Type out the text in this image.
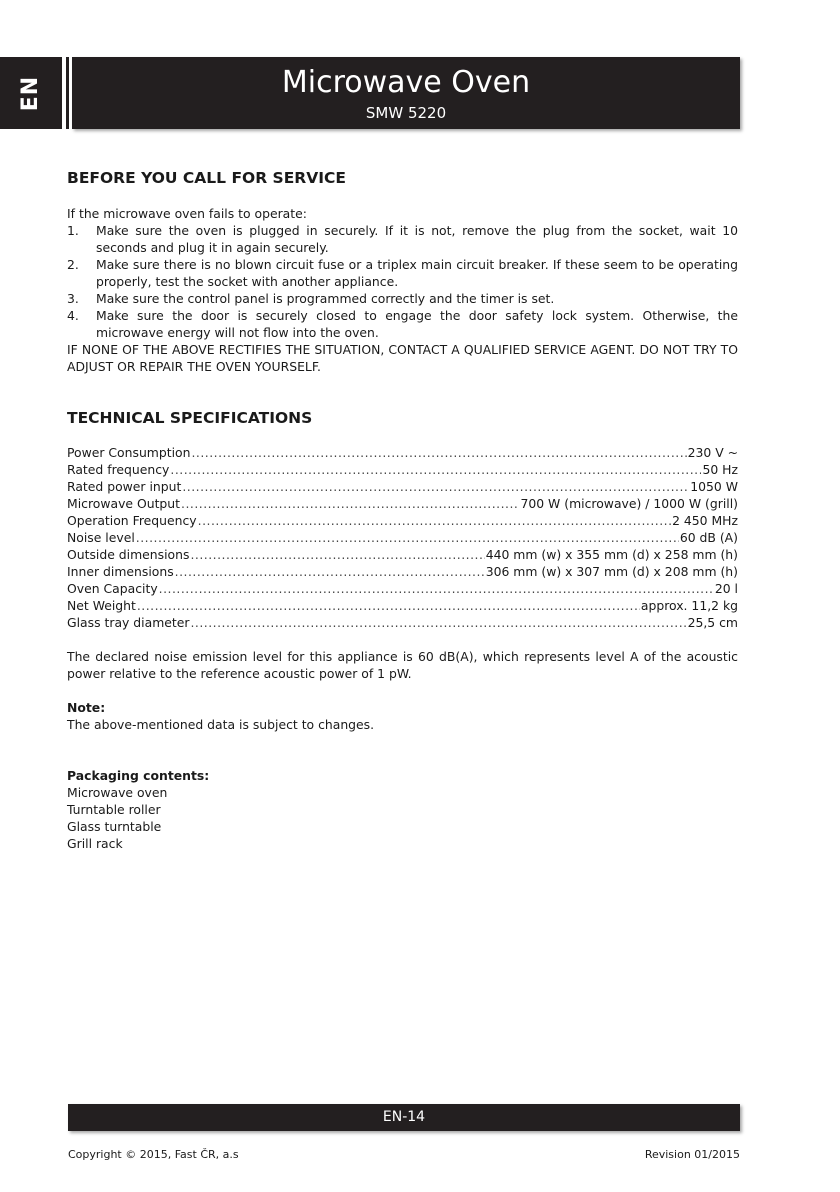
EN	Microwave Oven
SMW 5220
BEFORE YOU CALL FOR SERVICE
If the microwave oven fails to operate:
1. Make sure the oven is plugged in securely. If it is not, remove the plug from the socket, wait 10 seconds and plug it in again securely.
2. Make sure there is no blown circuit fuse or a triplex main circuit breaker. If these seem to be operating properly, test the socket with another appliance.
3. Make sure the control panel is programmed correctly and the timer is set.
4. Make sure the door is securely closed to engage the door safety lock system. Otherwise, the microwave energy will not flow into the oven.
IF NONE OF THE ABOVE RECTIFIES THE SITUATION, CONTACT A QUALIFIED SERVICE AGENT. DO NOT TRY TO ADJUST OR REPAIR THE OVEN YOURSELF.
TECHNICAL SPECIFICATIONS
Power Consumption .....	230 V ~
Rated frequency .....	50 Hz
Rated power input .....	1050 W
Microwave Output .....	700 W (microwave) / 1000 W (grill)
Operation Frequency .....	2 450 MHz
Noise level .....	60 dB (A)
Outside dimensions .....	440 mm (w) x 355 mm (d) x 258 mm (h)
Inner dimensions .....	306 mm (w) x 307 mm (d) x 208 mm (h)
Oven Capacity .....	20 l
Net Weight .....	approx. 11,2 kg
Glass tray diameter .....	25,5 cm
The declared noise emission level for this appliance is 60 dB(A), which represents level A of the acoustic power relative to the reference acoustic power of 1 pW.
Note:
The above-mentioned data is subject to changes.
Packaging contents:
Microwave oven
Turntable roller
Glass turntable
Grill rack
EN-14
Copyright © 2015, Fast ČR, a.s	Revision 01/2015
